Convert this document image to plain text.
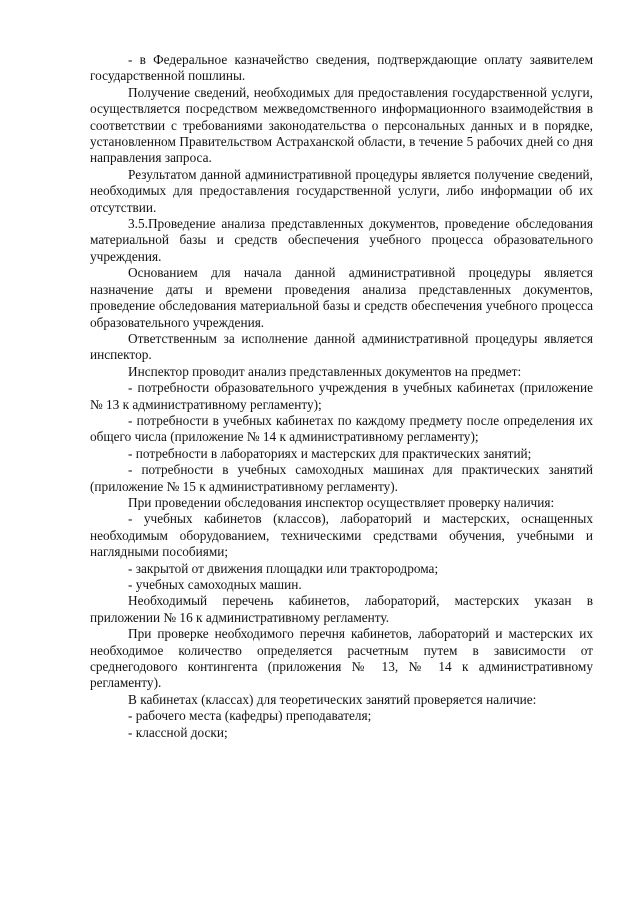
- в Федеральное казначейство сведения, подтверждающие оплату заявителем государственной пошлины.

Получение сведений, необходимых для предоставления государственной услуги, осуществляется посредством межведомственного информационного взаимодействия в соответствии с требованиями законодательства о персональных данных и в порядке, установленном Правительством Астраханской области, в течение 5 рабочих дней со дня направления запроса.

Результатом данной административной процедуры является получение сведений, необходимых для предоставления государственной услуги, либо информации об их отсутствии.

3.5.Проведение анализа представленных документов, проведение обследования материальной базы и средств обеспечения учебного процесса образовательного учреждения.

Основанием для начала данной административной процедуры является назначение даты и времени проведения анализа представленных документов, проведение обследования материальной базы и средств обеспечения учебного процесса образовательного учреждения.

Ответственным за исполнение данной административной процедуры является инспектор.

Инспектор проводит анализ представленных документов на предмет:

- потребности образовательного учреждения в учебных кабинетах (приложение № 13 к административному регламенту);

- потребности в учебных кабинетах по каждому предмету после определения их общего числа (приложение № 14 к административному регламенту);

- потребности в лабораториях и мастерских для практических занятий;

- потребности в учебных самоходных машинах для практических занятий (приложение № 15 к административному регламенту).

При проведении обследования инспектор осуществляет проверку наличия:

- учебных кабинетов (классов), лабораторий и мастерских, оснащенных необходимым оборудованием, техническими средствами обучения, учебными и наглядными пособиями;

- закрытой от движения площадки или трактородрома;

- учебных самоходных машин.

Необходимый перечень кабинетов, лабораторий, мастерских указан в приложении № 16 к административному регламенту.

При проверке необходимого перечня кабинетов, лабораторий и мастерских их необходимое количество определяется расчетным путем в зависимости от среднегодового контингента (приложения № 13, № 14 к административному регламенту).

В кабинетах (классах) для теоретических занятий проверяется наличие:

- рабочего места (кафедры) преподавателя;

- классной доски;
